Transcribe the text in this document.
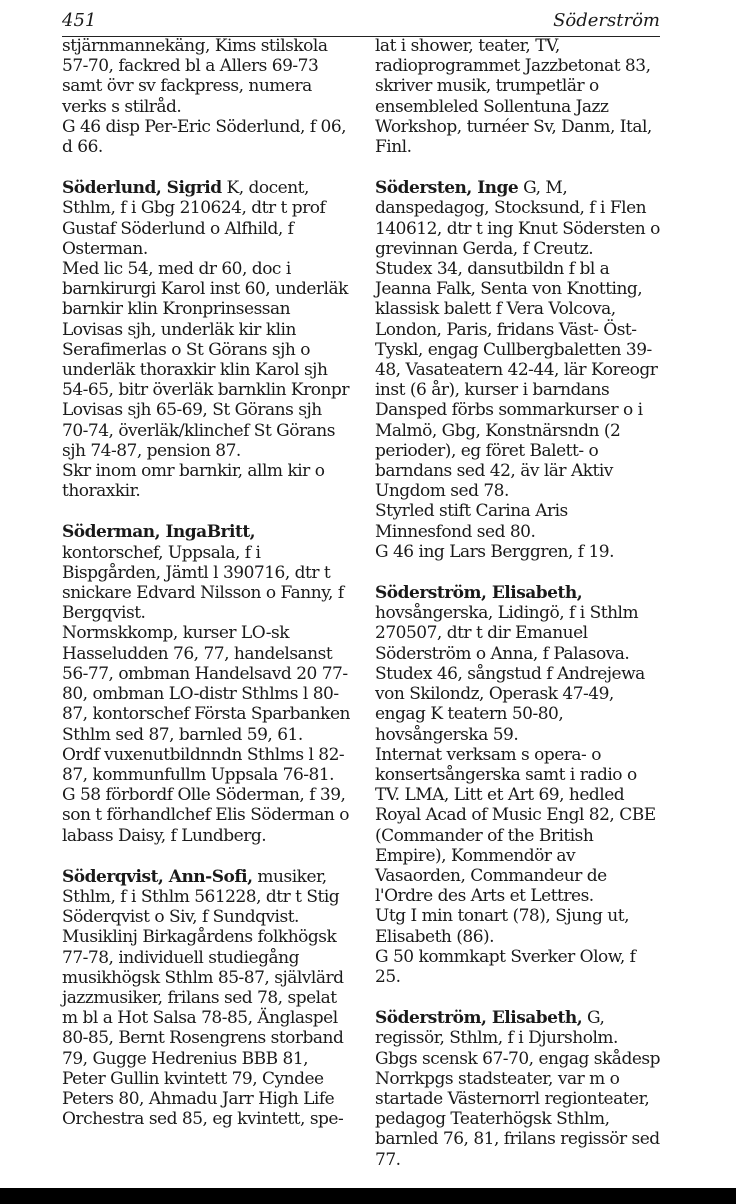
451	Söderström

stjärnmannekäng, Kims stilskola 57-70, fackred bl a Allers 69-73 samt övr sv fackpress, numera verks s stilråd.

G 46 disp Per-Eric Söderlund, f 06, d 66.

Söderlund, Sigrid K, docent, Sthlm, f i Gbg 210624, dtr t prof Gustaf Söderlund o Alfhild, f Osterman.
Med lic 54, med dr 60, doc i barnkirurgi Karol inst 60, underläk barnkir klin Kronprinsessan Lovisas sjh, underläk kir klin Serafimerlas o St Görans sjh o underläk thoraxkir klin Karol sjh 54-65, bitr överläk barnklin Kronpr Lovisas sjh 65-69, St Görans sjh 70-74, överläk/klinchef St Görans sjh 74-87, pension 87.

Skr inom omr barnkir, allm kir o thoraxkir.

Söderman, IngaBritt, kontorschef, Uppsala, f i Bispgården, Jämtl l 390716, dtr t snickare Edvard Nilsson o Fanny, f Bergqvist.
Normskkomp, kurser LO-sk Hasseludden 76, 77, handelsanst 56-77, ombman Handelsavd 20 77-80, ombman LO-distr Sthlms l 80-87, kontorschef Första Sparbanken Sthlm sed 87, barnled 59, 61.

Ordf vuxenutbildnndn Sthlms l 82-87, kommunfullm Uppsala 76-81.

G 58 förbordf Olle Söderman, f 39, son t förhandlchef Elis Söderman o labass Daisy, f Lundberg.

Söderqvist, Ann-Sofi, musiker, Sthlm, f i Sthlm 561228, dtr t Stig Söderqvist o Siv, f Sundqvist.
Musiklinj Birkagårdens folkhögsk 77-78, individuell studiegång musikhögsk Sthlm 85-87, självlärd jazzmusiker, frilans sed 78, spelat m bl a Hot Salsa 78-85, Änglaspel 80-85, Bernt Rosengrens storband 79, Gugge Hedrenius BBB 81, Peter Gullin kvintett 79, Cyndee Peters 80, Ahmadu Jarr High Life Orchestra sed 85, eg kvintett, spe-

lat i shower, teater, TV, radioprogrammet Jazzbetonat 83, skriver musik, trumpetlär o ensembleled Sollentuna Jazz Workshop, turnéer Sv, Danm, Ital, Finl.

Södersten, Inge G, M, danspedagog, Stocksund, f i Flen 140612, dtr t ing Knut Södersten o grevinnan Gerda, f Creutz.
Studex 34, dansutbildn f bl a Jeanna Falk, Senta von Knotting, klassisk balett f Vera Volcova, London, Paris, fridans Väst- Öst-Tyskl, engag Cullbergbaletten 39-48, Vasateatern 42-44, lär Koreogr inst (6 år), kurser i barndans Dansped förbs sommarkurser o i Malmö, Gbg, Konstnärsndn (2 perioder), eg föret Balett- o barndans sed 42, äv lär Aktiv Ungdom sed 78.

Styrled stift Carina Aris Minnesfond sed 80.

G 46 ing Lars Berggren, f 19.

Söderström, Elisabeth, hovsångerska, Lidingö, f i Sthlm 270507, dtr t dir Emanuel Söderström o Anna, f Palasova.
Studex 46, sångstud f Andrejewa von Skilondz, Operask 47-49, engag K teatern 50-80, hovsångerska 59.

Internat verksam s opera- o konsertsångerska samt i radio o TV. LMA, Litt et Art 69, hedled Royal Acad of Music Engl 82, CBE (Commander of the British Empire), Kommendör av Vasaorden, Commandeur de l'Ordre des Arts et Lettres.

Utg I min tonart (78), Sjung ut, Elisabeth (86).

G 50 kommkapt Sverker Olow, f 25.

Söderström, Elisabeth, G, regissör, Sthlm, f i Djursholm.
Gbgs scensk 67-70, engag skådesp Norrkpgs stadsteater, var m o startade Västernorrl regionteater, pedagog Teaterhögsk Sthlm, barnled 76, 81, frilans regissör sed 77.
